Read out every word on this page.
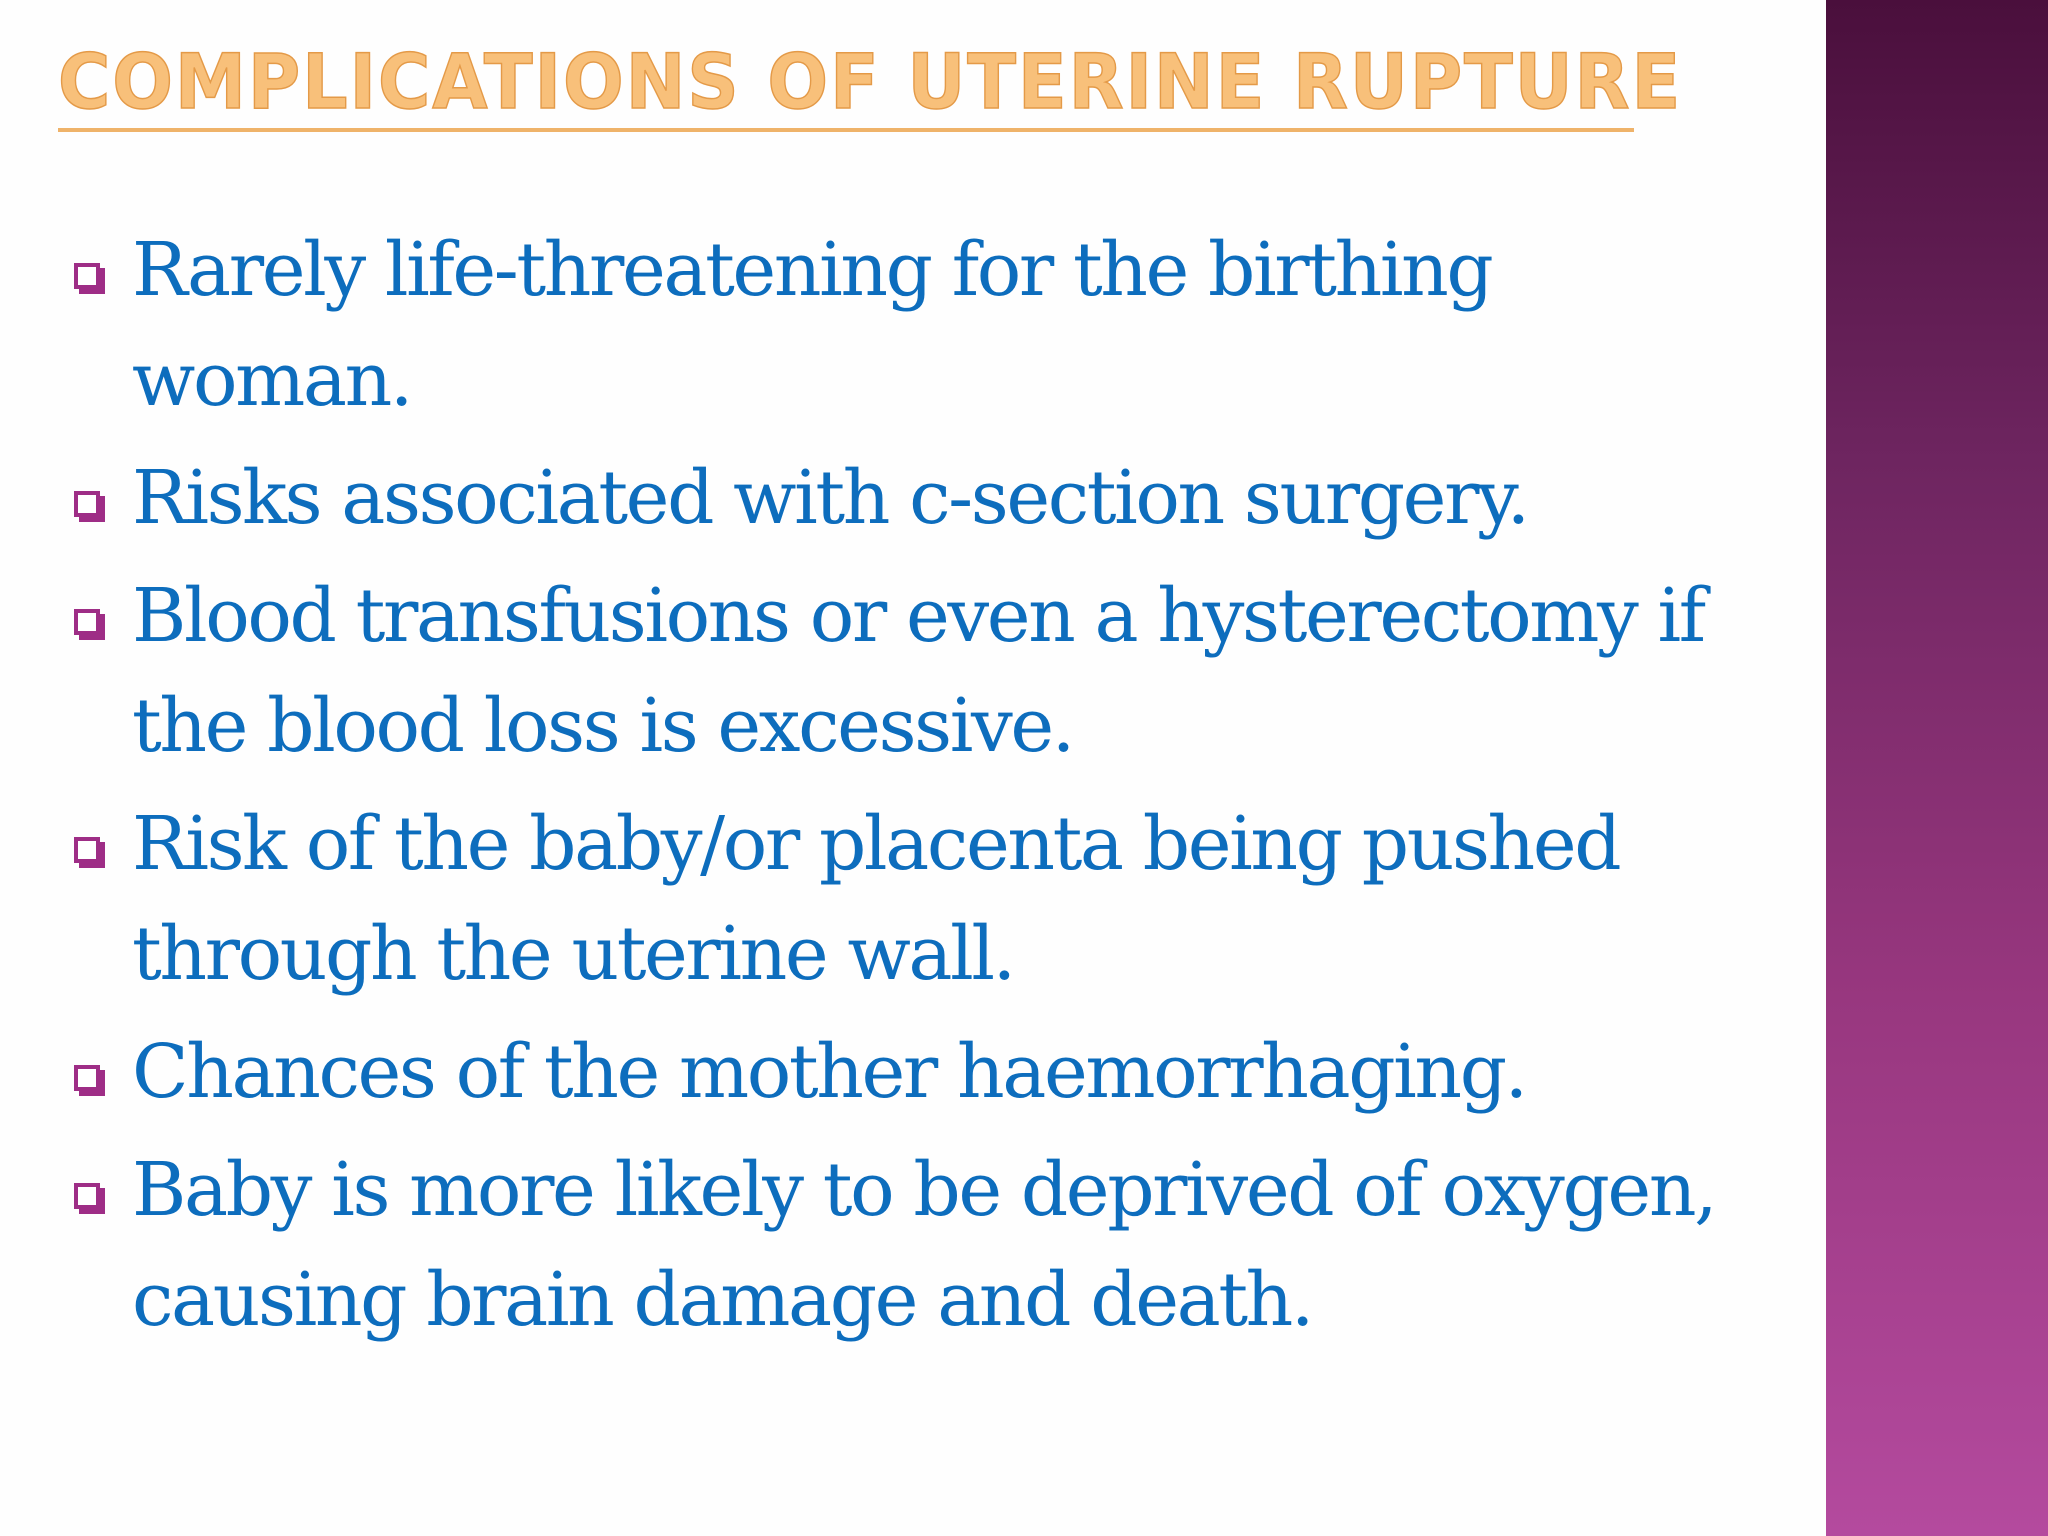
COMPLICATIONS OF UTERINE RUPTURE
Rarely life-threatening for the birthing woman.
Risks associated with c-section surgery.
Blood transfusions or even a hysterectomy if the blood loss is excessive.
Risk of the baby/or placenta being pushed through the uterine wall.
Chances of the mother haemorrhaging.
Baby is more likely to be deprived of oxygen, causing brain damage and death.
